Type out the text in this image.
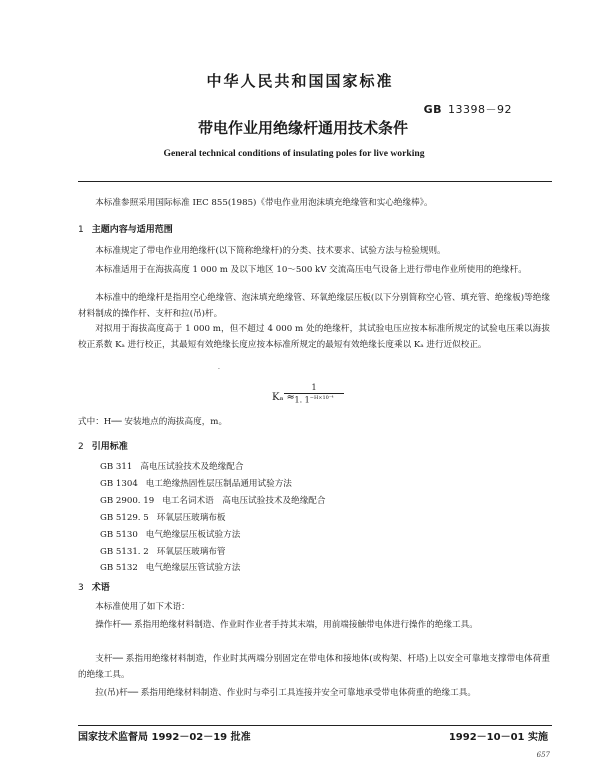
中华人民共和国国家标准
GB 13398－92
带电作业用绝缘杆通用技术条件
General technical conditions of insulating poles for live working
本标准参照采用国际标准 IEC 855(1985)《带电作业用泡沫填充绝缘管和实心绝缘棒》。
1 主题内容与适用范围
本标准规定了带电作业用绝缘杆(以下简称绝缘杆)的分类、技术要求、试验方法与检验规则。
本标准适用于在海拔高度 1 000 m 及以下地区 10～500 kV 交流高压电气设备上进行带电作业所使用的绝缘杆。
本标准中的绝缘杆是指用空心绝缘管、泡沫填充绝缘管、环氧绝缘层压板(以下分别简称空心管、填充管、绝缘板)等绝缘材料制成的操作杆、支杆和拉(吊)杆。
对拟用于海拔高度高于 1 000 m，但不超过 4 000 m 处的绝缘杆，其试验电压应按本标准所规定的试验电压乘以海拔校正系数 Kₐ 进行校正，其最短有效绝缘长度应按本标准所规定的最短有效绝缘长度乘以 Kₐ 进行近似校正。
·
Kₐ ≈
$\frac{1}{1. 1^{-H\times 10^{-4}}}$
式中：H── 安装地点的海拔高度，m。
2 引用标准
GB 311 高电压试验技术及绝缘配合
GB 1304 电工绝缘热固性层压制品通用试验方法
GB 2900. 19 电工名词术语　高电压试验技术及绝缘配合
GB 5129. 5 环氧层压玻璃布板
GB 5130 电气绝缘层压板试验方法
GB 5131. 2 环氧层压玻璃布管
GB 5132 电气绝缘层压管试验方法
3 术语
本标准使用了如下术语：
操作杆── 系指用绝缘材料制造、作业时作业者手持其末端，用前端接触带电体进行操作的绝缘工具。
支杆── 系指用绝缘材料制造，作业时其两端分别固定在带电体和接地体(或构架、杆塔)上以安全可靠地支撑带电体荷重的绝缘工具。
拉(吊)杆── 系指用绝缘材料制造、作业时与牵引工具连接并安全可靠地承受带电体荷重的绝缘工具。
国家技术监督局 1992－02－19 批准	1992－10－01 实施
657
